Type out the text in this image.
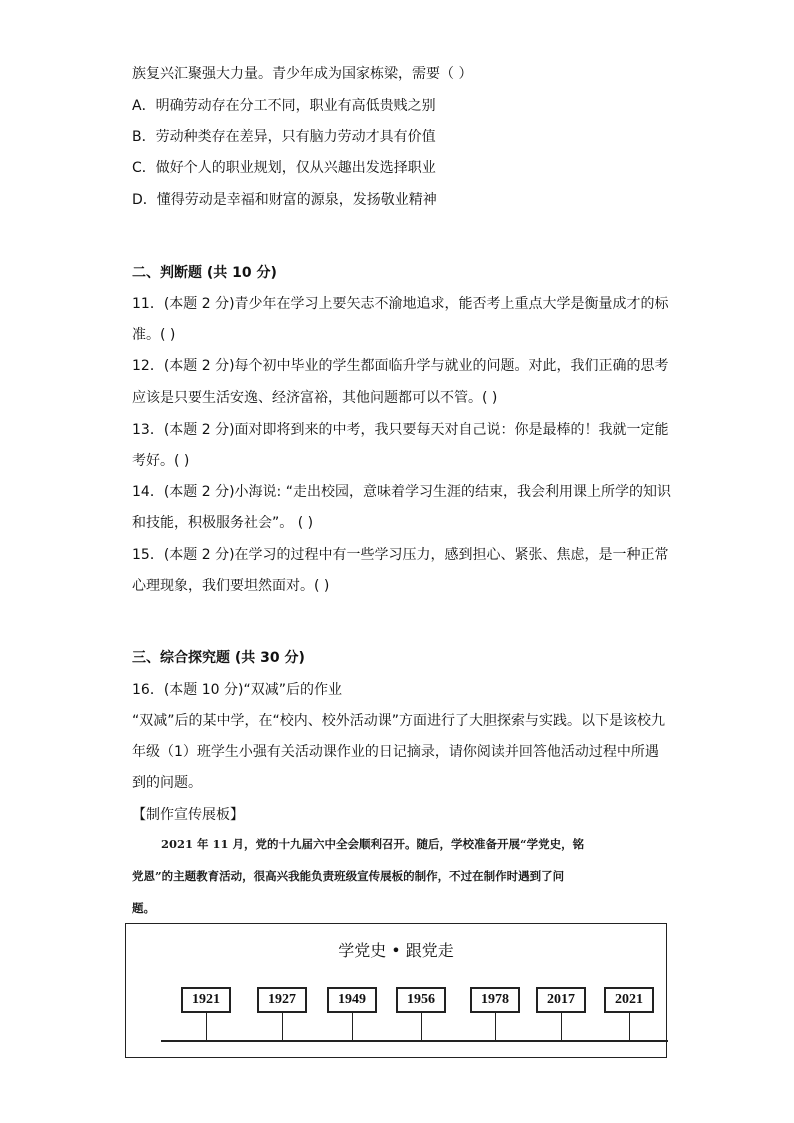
族复兴汇聚强大力量。青少年成为国家栋梁，需要（ ）
A．明确劳动存在分工不同，职业有高低贵贱之别
B．劳动种类存在差异，只有脑力劳动才具有价值
C．做好个人的职业规划，仅从兴趣出发选择职业
D．懂得劳动是幸福和财富的源泉，发扬敬业精神
二、判断题 (共 10 分)
11．(本题 2 分)青少年在学习上要矢志不渝地追求，能否考上重点大学是衡量成才的标
准。( )
12．(本题 2 分)每个初中毕业的学生都面临升学与就业的问题。对此，我们正确的思考
应该是只要生活安逸、经济富裕，其他问题都可以不管。( )
13．(本题 2 分)面对即将到来的中考，我只要每天对自己说：你是最棒的！我就一定能
考好。( )
14．(本题 2 分)小海说: “走出校园，意味着学习生涯的结束，我会利用课上所学的知识
和技能，积极服务社会”。 ( )
15．(本题 2 分)在学习的过程中有一些学习压力，感到担心、紧张、焦虑，是一种正常
心理现象，我们要坦然面对。( )
三、综合探究题 (共 30 分)
16．(本题 10 分)“双减”后的作业
“双减”后的某中学，在“校内、校外活动课”方面进行了大胆探索与实践。以下是该校九
年级（1）班学生小强有关活动课作业的日记摘录，请你阅读并回答他活动过程中所遇
到的问题。
【制作宣传展板】
2021 年 11 月，党的十九届六中全会顺利召开。随后，学校准备开展“学党史，铭
党恩”的主题教育活动，很高兴我能负责班级宣传展板的制作，不过在制作时遇到了问
题。
学党史 • 跟党走
1921	1927	1949	1956	1978	2017	2021
